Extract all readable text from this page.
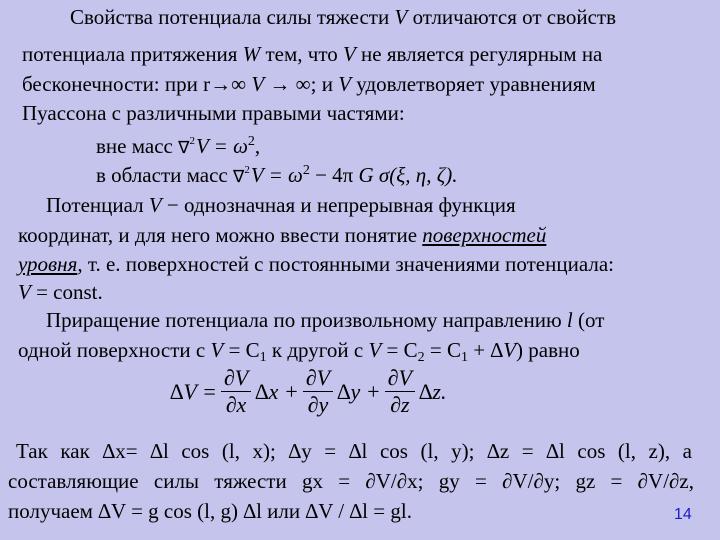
Свойства потенциала силы тяжести V отличаются от свойств
потенциала притяжения W тем, что V не является регулярным на
бесконечности: при r→∞ V → ∞; и V удовлетворяет уравнениям
Пуассона с различными правыми частями:
вне масс $\nabla^2V = \omega^2$,
в области масс $\nabla^2V = \omega^2 - 4\pi$ G σ(ξ, η, ζ).
Потенциал V − однозначная и непрерывная функция
координат, и для него можно ввести понятие поверхностей
уровня, т. е. поверхностей с постоянными значениями потенциала:
V = const.
Приращение потенциала по произвольному направлению l (от
одной поверхности с $V = C_1$ к другой с $V = C_2 = C_1 + \Delta V$) равно
$\Delta V = \frac{\partial V}{\partial x} \Delta x + \frac{\partial V}{\partial y} \Delta y + \frac{\partial V}{\partial z} \Delta z$.
Так как ∆x= ∆l cos (l, x); ∆y = ∆l cos (l, y); ∆z = ∆l cos (l, z), а
составляющие силы тяжести gx = ∂V/∂x; gy = ∂V/∂y; gz = ∂V/∂z,
получаем ∆V = g cos (l, g) ∆l или ∆V / ∆l = gl.	14
